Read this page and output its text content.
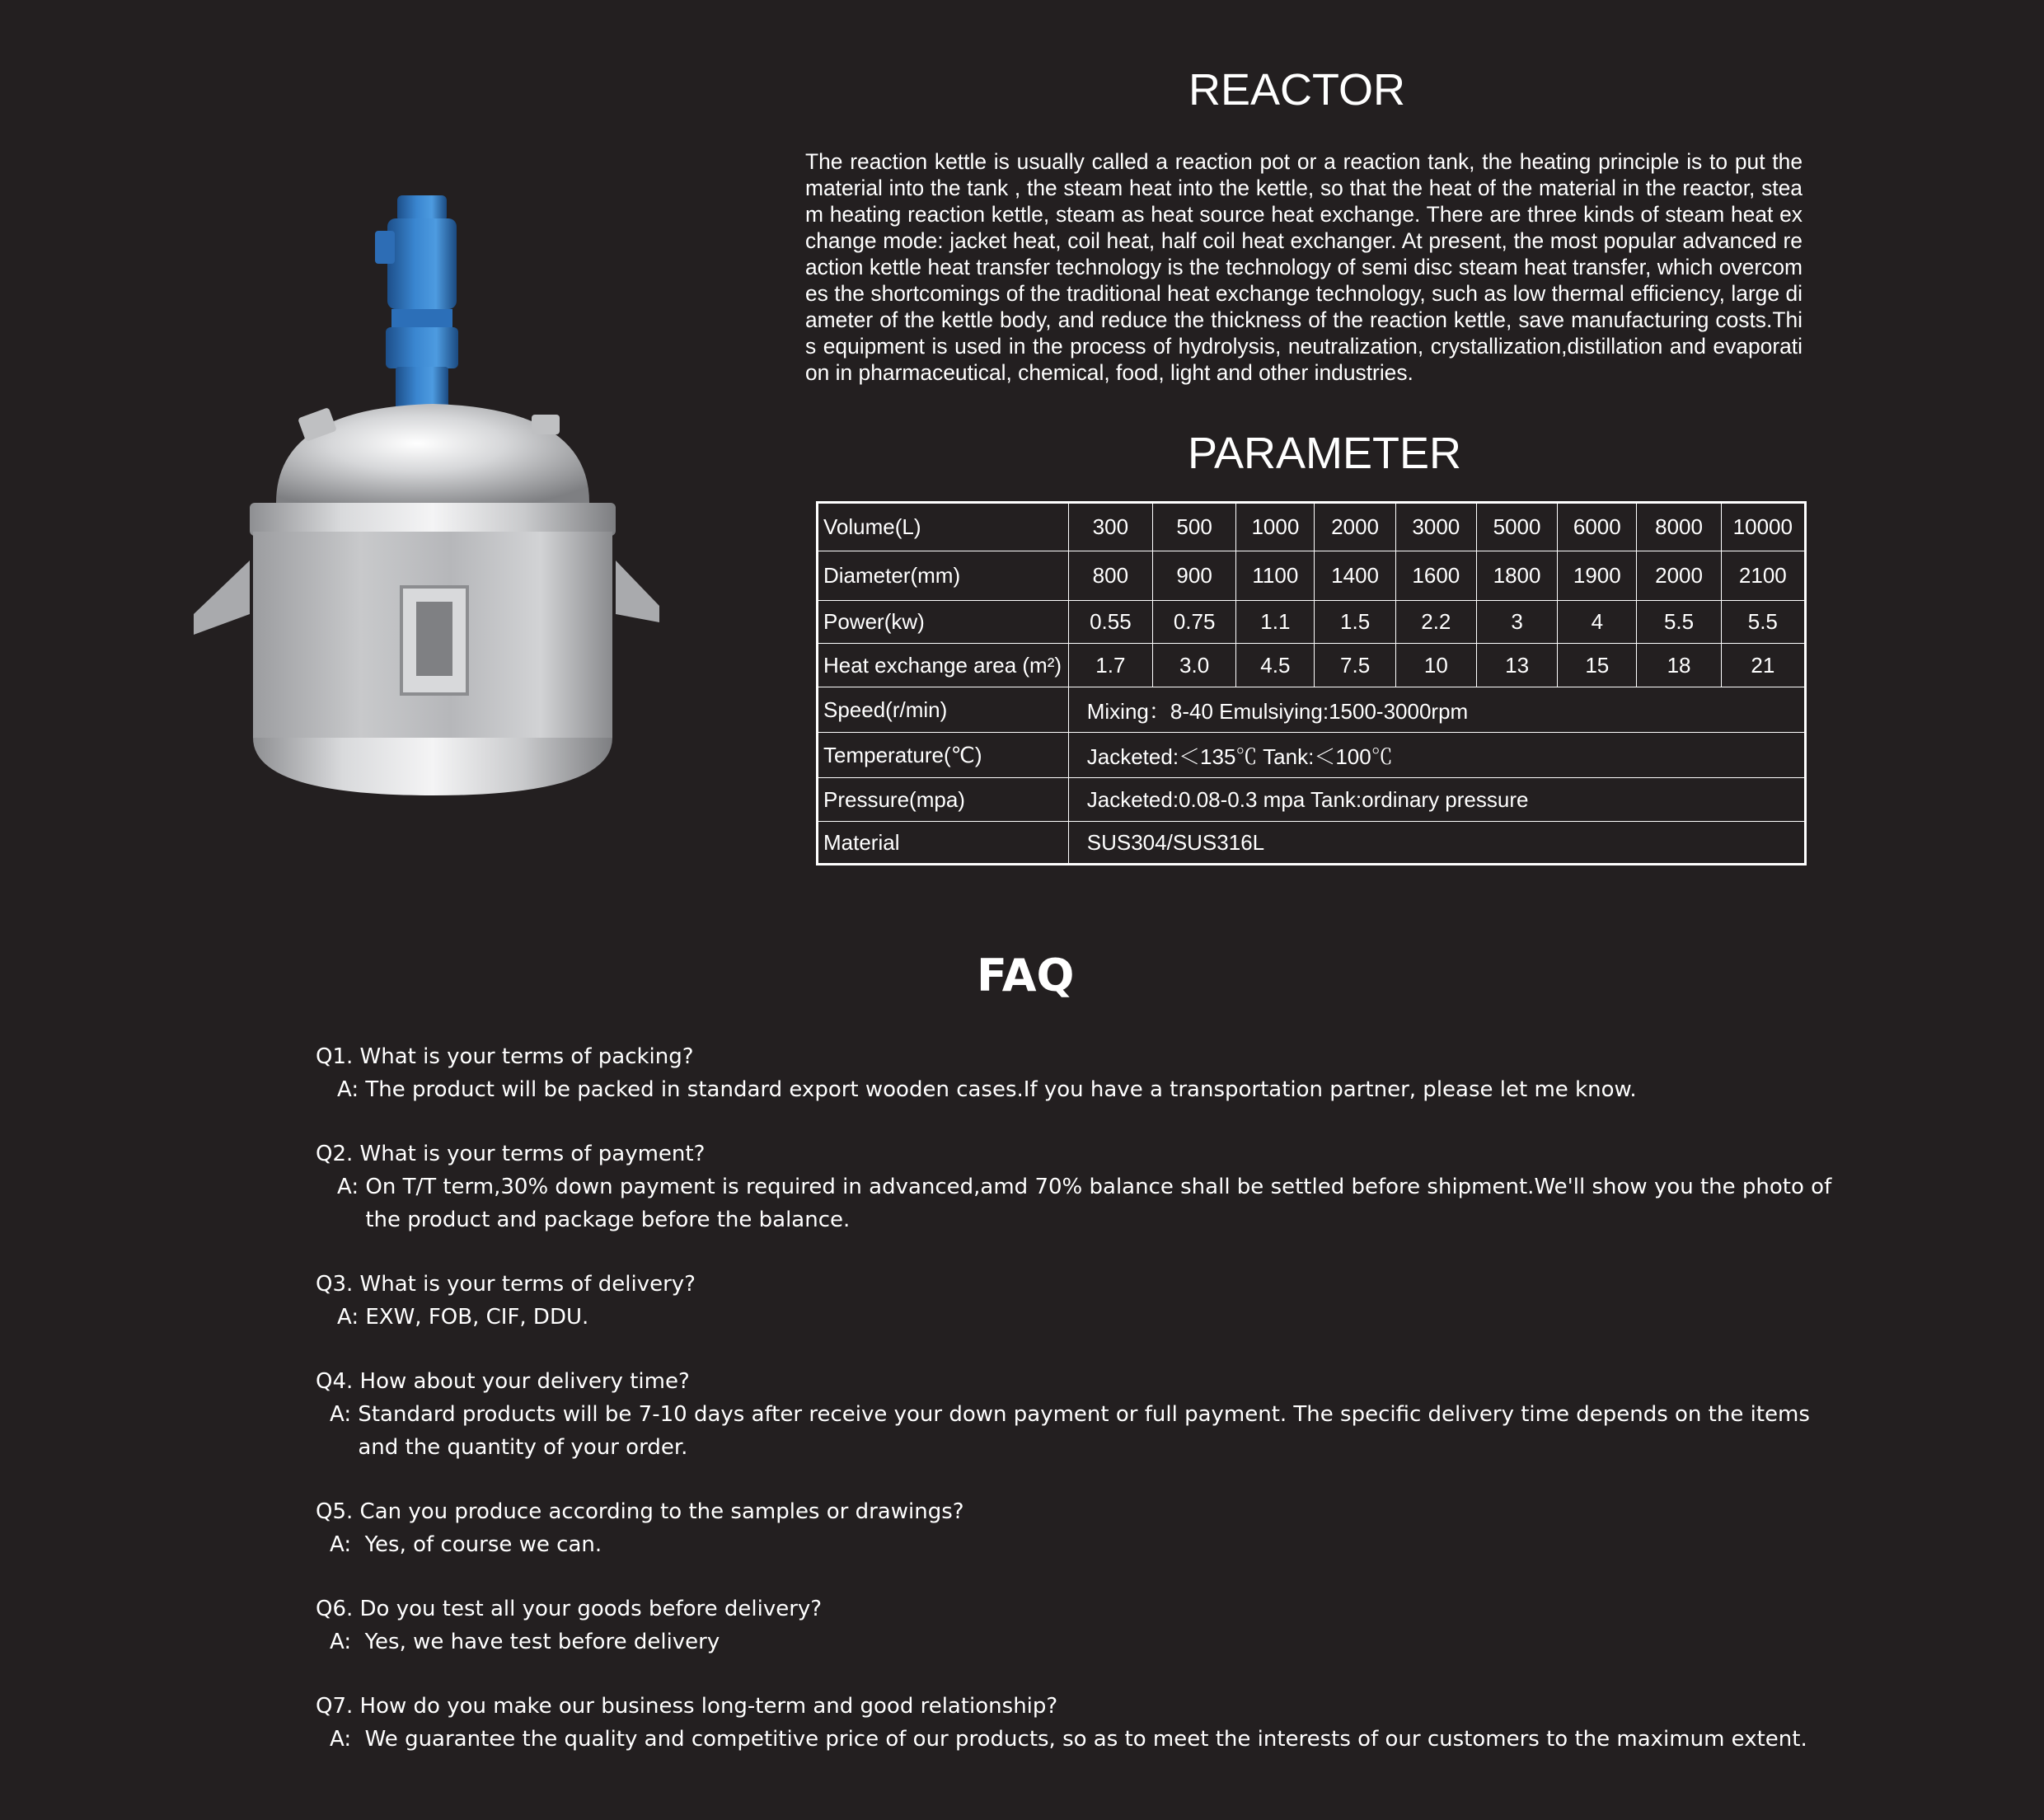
REACTOR

The reaction kettle is usually called a reaction pot or a reaction tank, the heating principle is to put the material into the tank , the steam heat into the kettle, so that the heat of the material in the reactor, steam heating reaction kettle, steam as heat source heat exchange. There are three kinds of steam heat exchange mode: jacket heat, coil heat, half coil heat exchanger. At present, the most popular advanced reaction kettle heat transfer technology is the technology of semi disc steam heat transfer, which overcomes the shortcomings of the traditional heat exchange technology, such as low thermal efficiency, large diameter of the kettle body, and reduce the thickness of the reaction kettle, save manufacturing costs.This equipment is used in the process of hydrolysis, neutralization, crystallization,distillation and evaporation in pharmaceutical, chemical, food, light and other industries.

PARAMETER
Volume(L)	300	500	1000	2000	3000	5000	6000	8000	10000
Diameter(mm)	800	900	1100	1400	1600	1800	1900	2000	2100
Power(kw)	0.55	0.75	1.1	1.5	2.2	3	4	5.5	5.5
Heat exchange area (m²)	1.7	3.0	4.5	7.5	10	13	15	18	21
Speed(r/min)	Mixing：8-40 Emulsiying:1500-3000rpm								
Temperature(℃)	Jacketed:＜135℃ Tank:＜100℃								
Pressure(mpa)	Jacketed:0.08-0.3 mpa Tank:ordinary pressure								
Material	SUS304/SUS316L								
FAQ
Q1. What is your terms of packing?
A: The product will be packed in standard export wooden cases.If you have a transportation partner, please let me know.
Q2. What is your terms of payment?
A: On T/T term,30% down payment is required in advanced,amd 70% balance shall be settled before shipment.We'll show you the photo of the product and package before the balance.
Q3. What is your terms of delivery?
A: EXW, FOB, CIF, DDU.
Q4. How about your delivery time?
A: Standard products will be 7-10 days after receive your down payment or full payment. The specific delivery time depends on the items and the quantity of your order.
Q5. Can you produce according to the samples or drawings?
A: Yes, of course we can.
Q6. Do you test all your goods before delivery?
A: Yes, we have test before delivery
Q7. How do you make our business long-term and good relationship?
A: We guarantee the quality and competitive price of our products, so as to meet the interests of our customers to the maximum extent.
